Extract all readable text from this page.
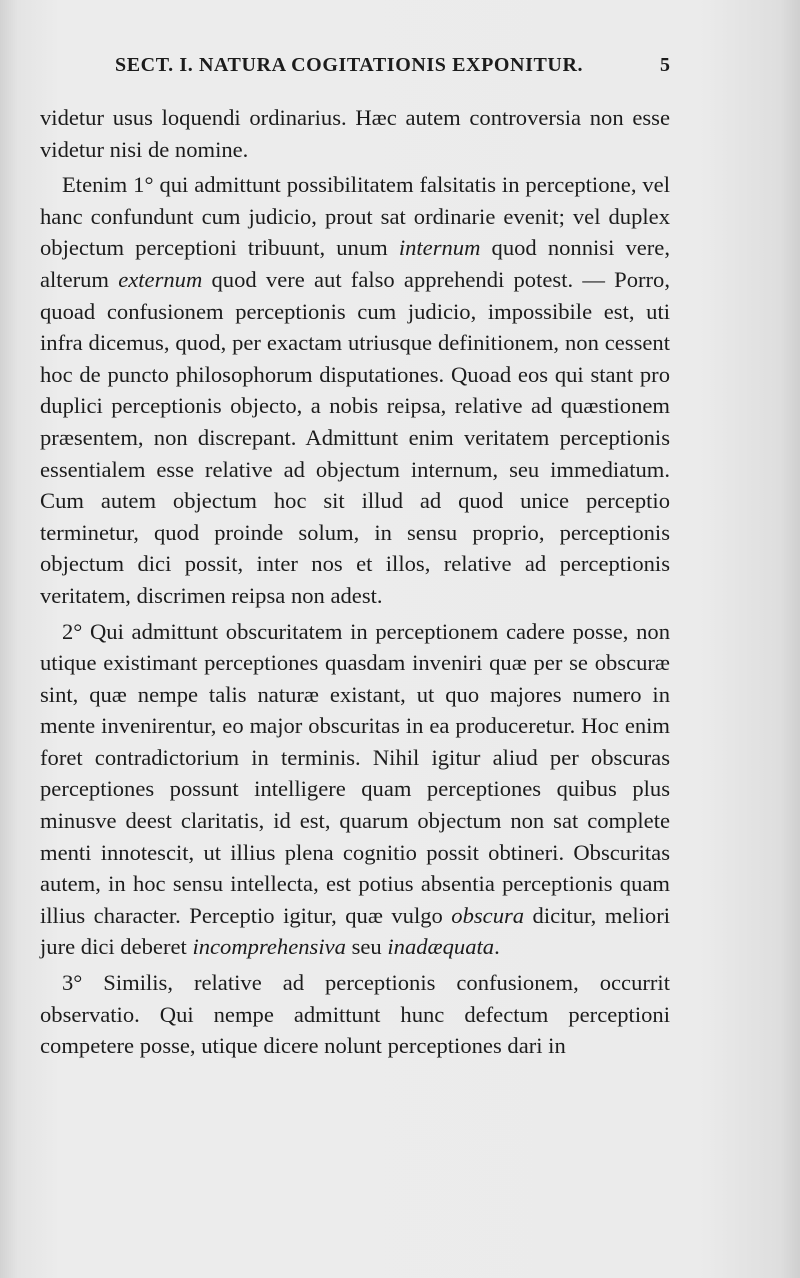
SECT. I. NATURA COGITATIONIS EXPONITUR.	5

videtur usus loquendi ordinarius. Hæc autem controversia non esse videtur nisi de nomine.

Etenim 1° qui admittunt possibilitatem falsitatis in perceptione, vel hanc confundunt cum judicio, prout sat ordinarie evenit; vel duplex objectum perceptioni tribuunt, unum internum quod nonnisi vere, alterum externum quod vere aut falso apprehendi potest. — Porro, quoad confusionem perceptionis cum judicio, impossibile est, uti infra dicemus, quod, per exactam utriusque definitionem, non cessent hoc de puncto philosophorum disputationes. Quoad eos qui stant pro duplici perceptionis objecto, a nobis reipsa, relative ad quæstionem præsentem, non discrepant. Admittunt enim veritatem perceptionis essentialem esse relative ad objectum internum, seu immediatum. Cum autem objectum hoc sit illud ad quod unice perceptio terminetur, quod proinde solum, in sensu proprio, perceptionis objectum dici possit, inter nos et illos, relative ad perceptionis veritatem, discrimen reipsa non adest.

2° Qui admittunt obscuritatem in perceptionem cadere posse, non utique existimant perceptiones quasdam inveniri quæ per se obscuræ sint, quæ nempe talis naturæ existant, ut quo majores numero in mente invenirentur, eo major obscuritas in ea produceretur. Hoc enim foret contradictorium in terminis. Nihil igitur aliud per obscuras perceptiones possunt intelligere quam perceptiones quibus plus minusve deest claritatis, id est, quarum objectum non sat complete menti innotescit, ut illius plena cognitio possit obtineri. Obscuritas autem, in hoc sensu intellecta, est potius absentia perceptionis quam illius character. Perceptio igitur, quæ vulgo obscura dicitur, meliori jure dici deberet incomprehensiva seu inadæquata.

3° Similis, relative ad perceptionis confusionem, occurrit observatio. Qui nempe admittunt hunc defectum perceptioni competere posse, utique dicere nolunt perceptiones dari in
